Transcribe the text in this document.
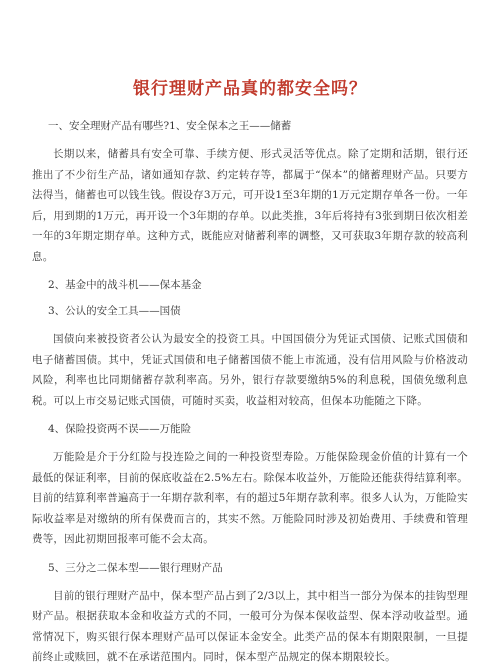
银行理财产品真的都安全吗？
一、安全理财产品有哪些?1、安全保本之王——储蓄

长期以来，储蓄具有安全可靠、手续方便、形式灵活等优点。除了定期和活期，银行还推出了不少衍生产品，诸如通知存款、约定转存等，都属于“保本”的储蓄理财产品。只要方法得当，储蓄也可以钱生钱。假设存3万元，可开设1至3年期的1万元定期存单各一份。一年后，用到期的1万元，再开设一个3年期的存单。以此类推，3年后将持有3张到期日依次相差一年的3年期定期存单。这种方式，既能应对储蓄利率的调整，又可获取3年期存款的较高利息。

2、基金中的战斗机——保本基金
3、公认的安全工具——国债

国债向来被投资者公认为最安全的投资工具。中国国债分为凭证式国债、记账式国债和电子储蓄国债。其中，凭证式国债和电子储蓄国债不能上市流通，没有信用风险与价格波动风险，利率也比同期储蓄存款利率高。另外，银行存款要缴纳5%的利息税，国债免缴利息税。可以上市交易记账式国债，可随时买卖，收益相对较高，但保本功能随之下降。

4、保险投资两不误——万能险

万能险是介于分红险与投连险之间的一种投资型寿险。万能保险现金价值的计算有一个最低的保证利率，目前的保底收益在2.5%左右。除保本收益外，万能险还能获得结算利率。目前的结算利率普遍高于一年期存款利率，有的超过5年期存款利率。很多人认为，万能险实际收益率是对缴纳的所有保费而言的，其实不然。万能险同时涉及初始费用、手续费和管理费等，因此初期回报率可能不会太高。

5、三分之二保本型——银行理财产品

目前的银行理财产品中，保本型产品占到了2/3以上，其中相当一部分为保本的挂钩型理财产品。根据获取本金和收益方式的不同，一般可分为保本保收益型、保本浮动收益型。通常情况下，购买银行保本理财产品可以保证本金安全。此类产品的保本有期限限制，一旦提前终止或赎回，就不在承诺范围内。同时，保本型产品规定的保本期限较长。
